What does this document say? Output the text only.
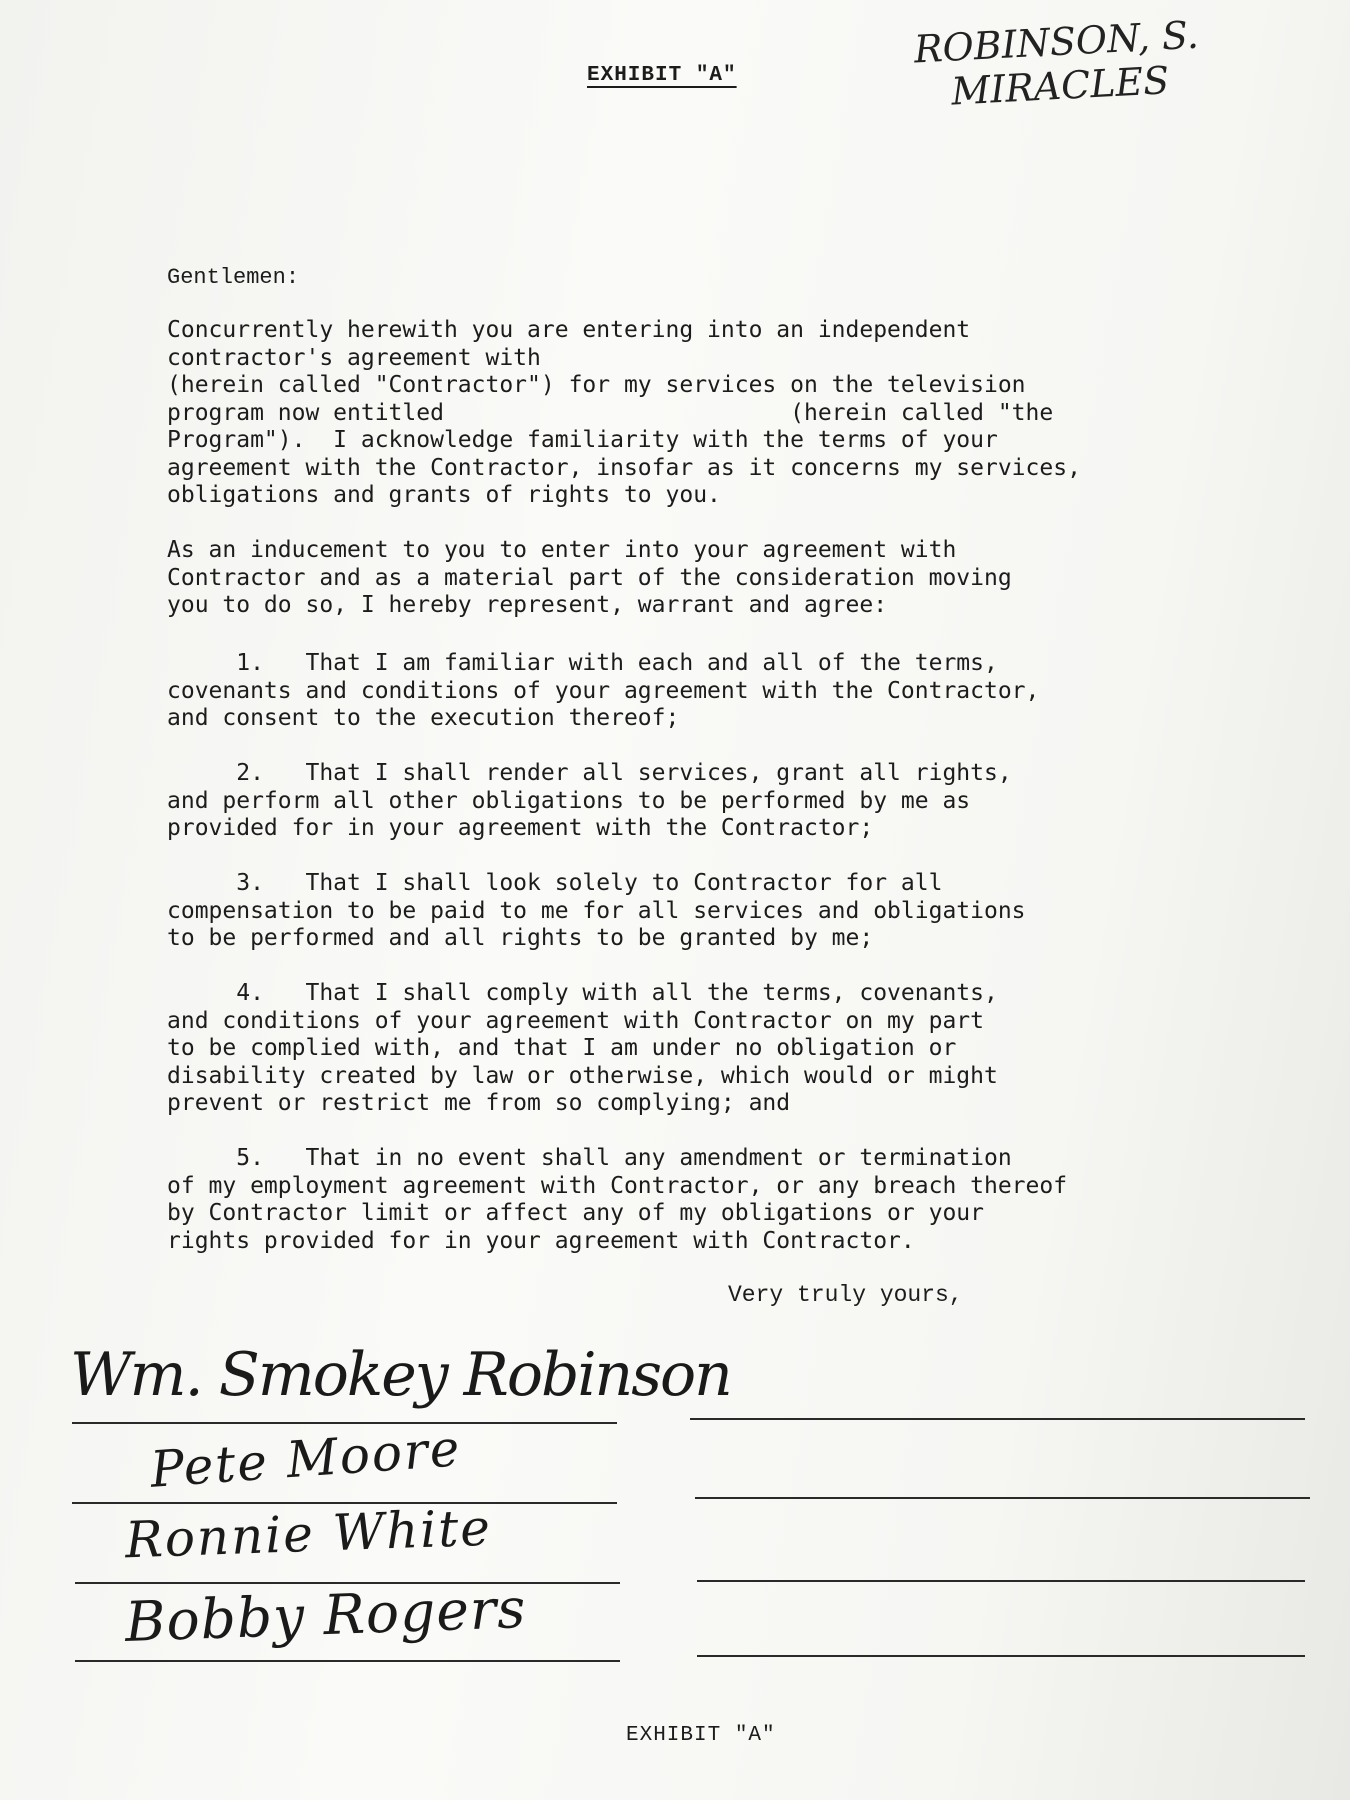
EXHIBIT "A"
ROBINSON, S.
MIRACLES
Gentlemen:
Concurrently herewith you are entering into an independent
contractor's agreement with
(herein called "Contractor") for my services on the television
program now entitled                         (herein called "the
Program").  I acknowledge familiarity with the terms of your
agreement with the Contractor, insofar as it concerns my services,
obligations and grants of rights to you.
As an inducement to you to enter into your agreement with
Contractor and as a material part of the consideration moving
you to do so, I hereby represent, warrant and agree:
1.   That I am familiar with each and all of the terms,
covenants and conditions of your agreement with the Contractor,
and consent to the execution thereof;
2.   That I shall render all services, grant all rights,
and perform all other obligations to be performed by me as
provided for in your agreement with the Contractor;
3.   That I shall look solely to Contractor for all
compensation to be paid to me for all services and obligations
to be performed and all rights to be granted by me;
4.   That I shall comply with all the terms, covenants,
and conditions of your agreement with Contractor on my part
to be complied with, and that I am under no obligation or
disability created by law or otherwise, which would or might
prevent or restrict me from so complying; and
5.   That in no event shall any amendment or termination
of my employment agreement with Contractor, or any breach thereof
by Contractor limit or affect any of my obligations or your
rights provided for in your agreement with Contractor.
Very truly yours,
Wm. Smokey Robinson
Pete Moore
Ronnie White
Bobby Rogers
EXHIBIT "A"
